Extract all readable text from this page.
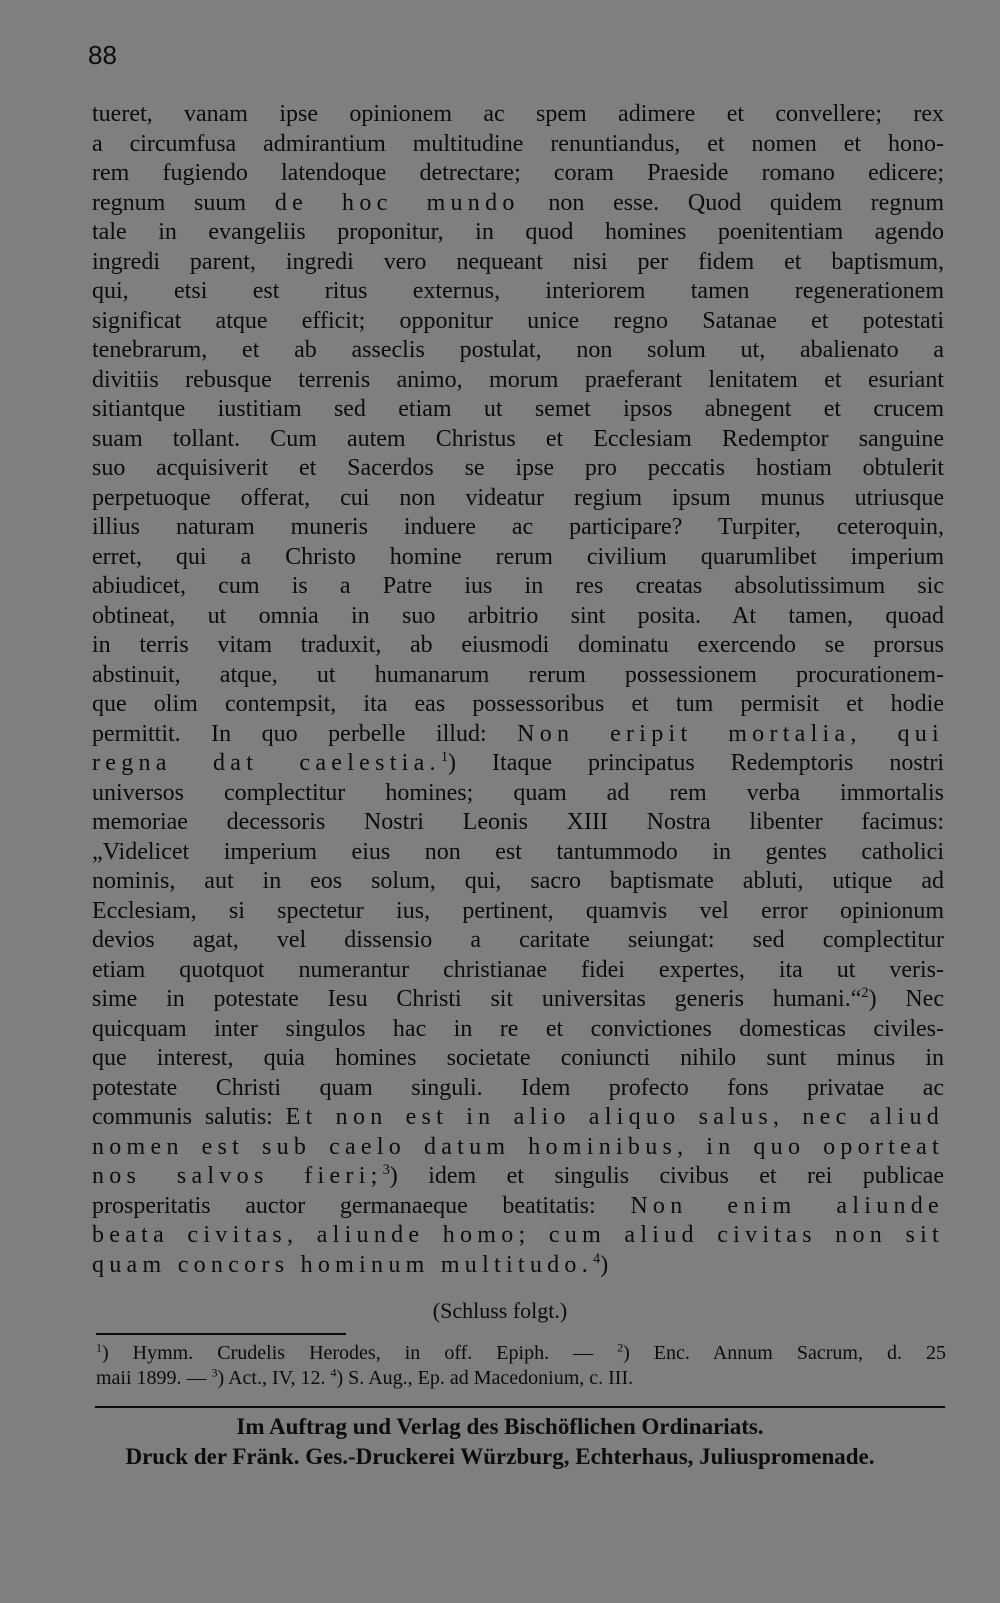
88
tueret, vanam ipse opinionem ac spem adimere et convellere; rex
a circumfusa admirantium multitudine renuntiandus, et nomen et hono-
rem fugiendo latendoque detrectare; coram Praeside romano edicere;
regnum suum de hoc mundo non esse. Quod quidem regnum
tale in evangeliis proponitur, in quod homines poenitentiam agendo
ingredi parent, ingredi vero nequeant nisi per fidem et baptismum,
qui, etsi est ritus externus, interiorem tamen regenerationem
significat atque efficit; opponitur unice regno Satanae et potestati
tenebrarum, et ab asseclis postulat, non solum ut, abalienato a
divitiis rebusque terrenis animo, morum praeferant lenitatem et esuriant
sitiantque iustitiam sed etiam ut semet ipsos abnegent et crucem
suam tollant. Cum autem Christus et Ecclesiam Redemptor sanguine
suo acquisiverit et Sacerdos se ipse pro peccatis hostiam obtulerit
perpetuoque offerat, cui non videatur regium ipsum munus utriusque
illius naturam muneris induere ac participare? Turpiter, ceteroquin,
erret, qui a Christo homine rerum civilium quarumlibet imperium
abiudicet, cum is a Patre ius in res creatas absolutissimum sic
obtineat, ut omnia in suo arbitrio sint posita. At tamen, quoad
in terris vitam traduxit, ab eiusmodi dominatu exercendo se prorsus
abstinuit, atque, ut humanarum rerum possessionem procurationem-
que olim contempsit, ita eas possessoribus et tum permisit et hodie
permittit. In quo perbelle illud: Non eripit mortalia, qui
regna dat caelestia.$^1$) Itaque principatus Redemptoris nostri
universos complectitur homines; quam ad rem verba immortalis
memoriae decessoris Nostri Leonis XIII Nostra libenter facimus:
„Videlicet imperium eius non est tantummodo in gentes catholici
nominis, aut in eos solum, qui, sacro baptismate abluti, utique ad
Ecclesiam, si spectetur ius, pertinent, quamvis vel error opinionum
devios agat, vel dissensio a caritate seiungat: sed complectitur
etiam quotquot numerantur christianae fidei expertes, ita ut veris-
sime in potestate Iesu Christi sit universitas generis humani.“$^2$) Nec
quicquam inter singulos hac in re et convictiones domesticas civiles-
que interest, quia homines societate coniuncti nihilo sunt minus in
potestate Christi quam singuli. Idem profecto fons privatae ac
communis salutis: Et non est in alio aliquo salus, nec aliud
nomen est sub caelo datum hominibus, in quo oporteat
nos salvos fieri;$^3$) idem et singulis civibus et rei publicae
prosperitatis auctor germanaeque beatitatis: Non enim aliunde
beata civitas, aliunde homo; cum aliud civitas non sit
quam concors hominum multitudo.$^4$)
(Schluss folgt.)
$^1$) Hymm. Crudelis Herodes, in off. Epiph. — $^2$) Enc. Annum Sacrum, d. 25
maii 1899. — $^3$) Act., IV, 12. $^4$) S. Aug., Ep. ad Macedonium, c. III.
Im Auftrag und Verlag des Bischöflichen Ordinariats.
Druck der Fränk. Ges.-Druckerei Würzburg, Echterhaus, Juliuspromenade.
